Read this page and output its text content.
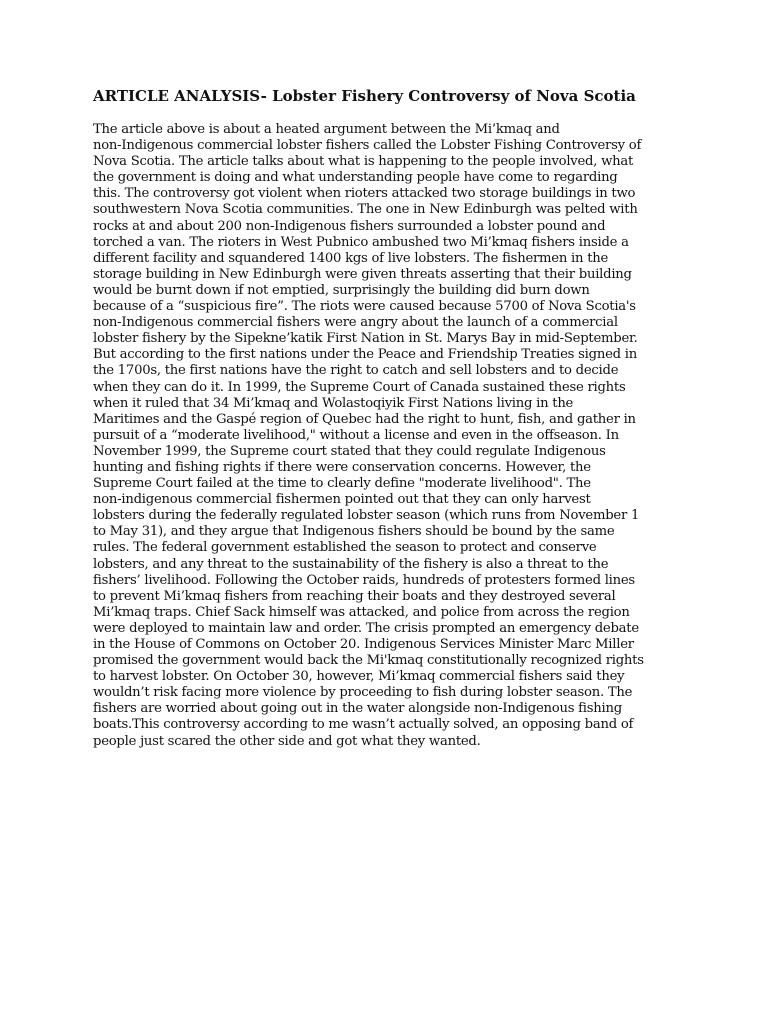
ARTICLE ANALYSIS- Lobster Fishery Controversy of Nova Scotia
The article above is about a heated argument between the Mi’kmaq and
non-Indigenous commercial lobster fishers called the Lobster Fishing Controversy of
Nova Scotia. The article talks about what is happening to the people involved, what
the government is doing and what understanding people have come to regarding
this. The controversy got violent when rioters attacked two storage buildings in two
southwestern Nova Scotia communities. The one in New Edinburgh was pelted with
rocks at and about 200 non-Indigenous fishers surrounded a lobster pound and
torched a van. The rioters in West Pubnico ambushed two Mi’kmaq fishers inside a
different facility and squandered 1400 kgs of live lobsters. The fishermen in the
storage building in New Edinburgh were given threats asserting that their building
would be burnt down if not emptied, surprisingly the building did burn down
because of a “suspicious fire”. The riots were caused because 5700 of Nova Scotia's
non-Indigenous commercial fishers were angry about the launch of a commercial
lobster fishery by the Sipekne’katik First Nation in St. Marys Bay in mid-September.
But according to the first nations under the Peace and Friendship Treaties signed in
the 1700s, the first nations have the right to catch and sell lobsters and to decide
when they can do it. In 1999, the Supreme Court of Canada sustained these rights
when it ruled that 34 Mi’kmaq and Wolastoqiyik First Nations living in the
Maritimes and the Gaspé region of Quebec had the right to hunt, fish, and gather in
pursuit of a “moderate livelihood," without a license and even in the offseason. In
November 1999, the Supreme court stated that they could regulate Indigenous
hunting and fishing rights if there were conservation concerns. However, the
Supreme Court failed at the time to clearly define "moderate livelihood". The
non-indigenous commercial fishermen pointed out that they can only harvest
lobsters during the federally regulated lobster season (which runs from November 1
to May 31), and they argue that Indigenous fishers should be bound by the same
rules. The federal government established the season to protect and conserve
lobsters, and any threat to the sustainability of the fishery is also a threat to the
fishers’ livelihood. Following the October raids, hundreds of protesters formed lines
to prevent Mi’kmaq fishers from reaching their boats and they destroyed several
Mi’kmaq traps. Chief Sack himself was attacked, and police from across the region
were deployed to maintain law and order. The crisis prompted an emergency debate
in the House of Commons on October 20. Indigenous Services Minister Marc Miller
promised the government would back the Mi'kmaq constitutionally recognized rights
to harvest lobster. On October 30, however, Mi’kmaq commercial fishers said they
wouldn’t risk facing more violence by proceeding to fish during lobster season. The
fishers are worried about going out in the water alongside non-Indigenous fishing
boats.This controversy according to me wasn’t actually solved, an opposing band of
people just scared the other side and got what they wanted.
